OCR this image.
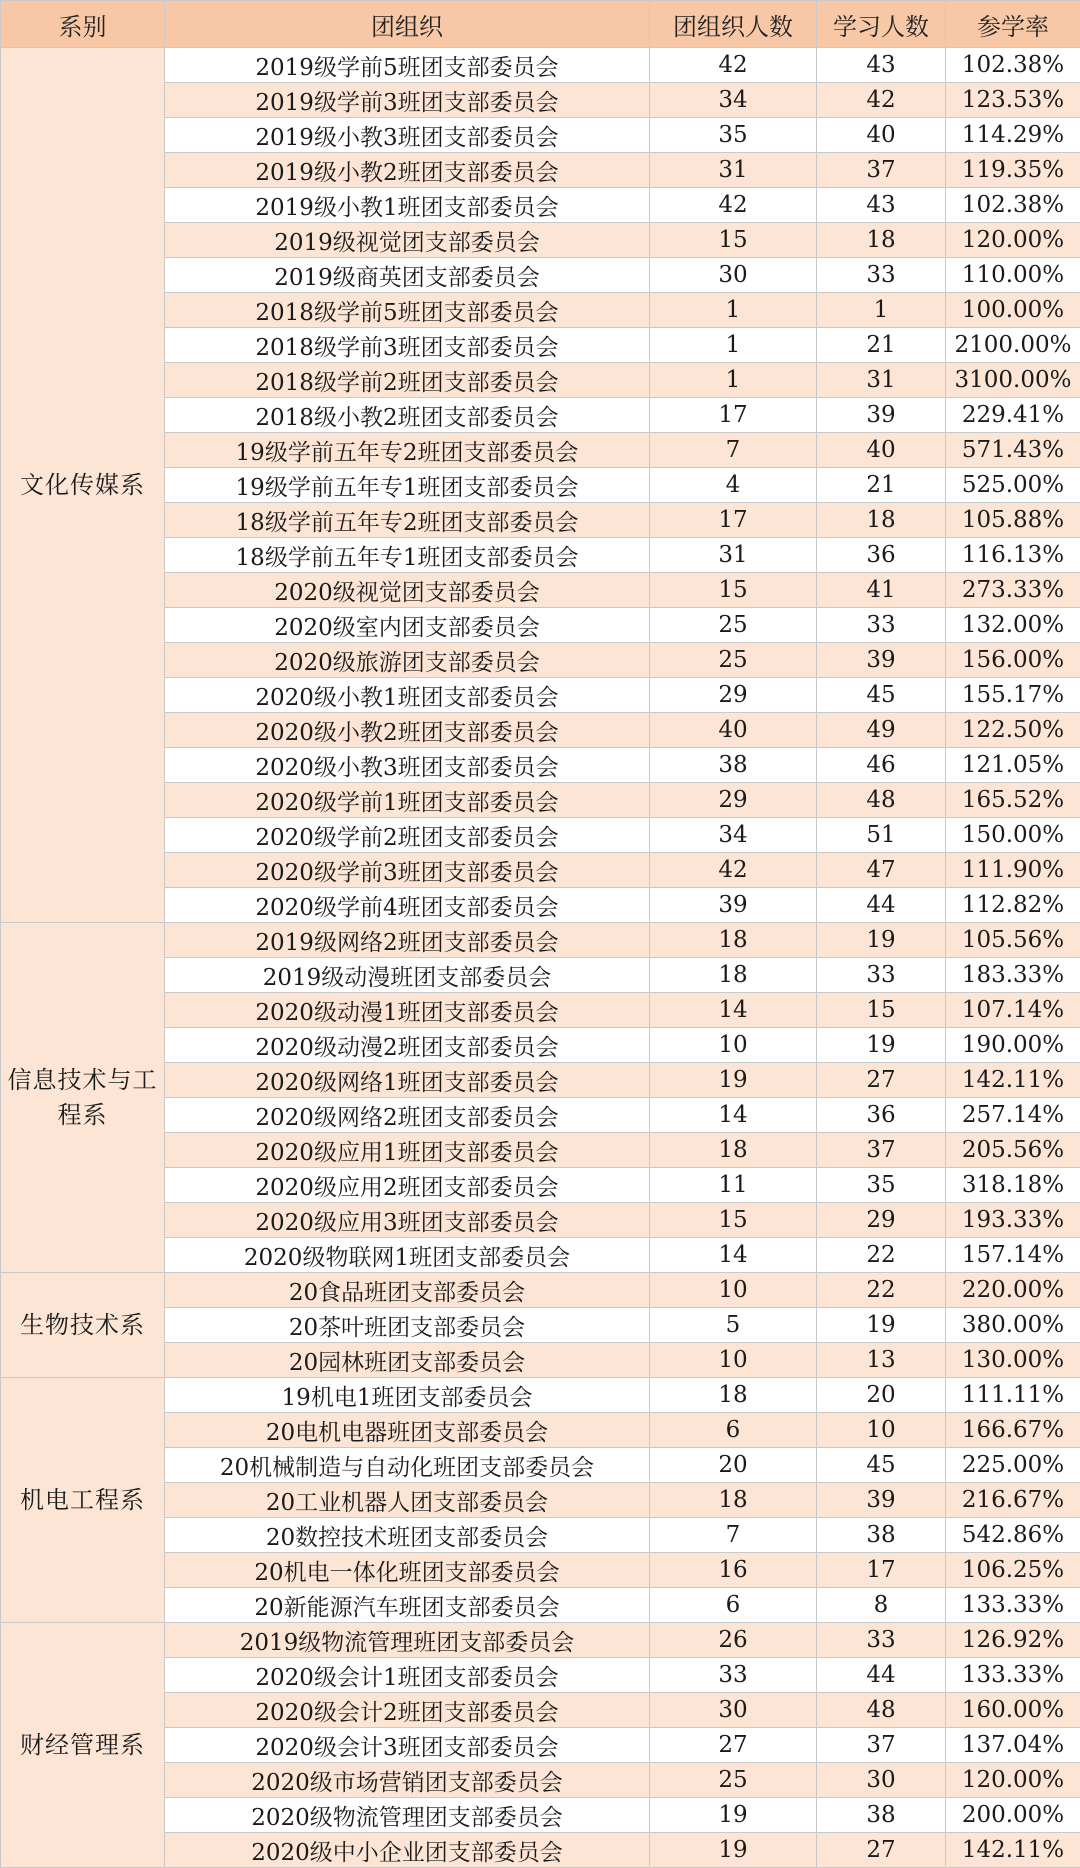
系别	团组织	团组织人数	学习人数	参学率
文化传媒系	2019级学前5班团支部委员会	42	43	102.38%
	2019级学前3班团支部委员会	34	42	123.53%
	2019级小教3班团支部委员会	35	40	114.29%
	2019级小教2班团支部委员会	31	37	119.35%
	2019级小教1班团支部委员会	42	43	102.38%
	2019级视觉团支部委员会	15	18	120.00%
	2019级商英团支部委员会	30	33	110.00%
	2018级学前5班团支部委员会	1	1	100.00%
	2018级学前3班团支部委员会	1	21	2100.00%
	2018级学前2班团支部委员会	1	31	3100.00%
	2018级小教2班团支部委员会	17	39	229.41%
	19级学前五年专2班团支部委员会	7	40	571.43%
	19级学前五年专1班团支部委员会	4	21	525.00%
	18级学前五年专2班团支部委员会	17	18	105.88%
	18级学前五年专1班团支部委员会	31	36	116.13%
	2020级视觉团支部委员会	15	41	273.33%
	2020级室内团支部委员会	25	33	132.00%
	2020级旅游团支部委员会	25	39	156.00%
	2020级小教1班团支部委员会	29	45	155.17%
	2020级小教2班团支部委员会	40	49	122.50%
	2020级小教3班团支部委员会	38	46	121.05%
	2020级学前1班团支部委员会	29	48	165.52%
	2020级学前2班团支部委员会	34	51	150.00%
	2020级学前3班团支部委员会	42	47	111.90%
	2020级学前4班团支部委员会	39	44	112.82%
信息技术与工程系	2019级网络2班团支部委员会	18	19	105.56%
	2019级动漫班团支部委员会	18	33	183.33%
	2020级动漫1班团支部委员会	14	15	107.14%
	2020级动漫2班团支部委员会	10	19	190.00%
	2020级网络1班团支部委员会	19	27	142.11%
	2020级网络2班团支部委员会	14	36	257.14%
	2020级应用1班团支部委员会	18	37	205.56%
	2020级应用2班团支部委员会	11	35	318.18%
	2020级应用3班团支部委员会	15	29	193.33%
	2020级物联网1班团支部委员会	14	22	157.14%
生物技术系	20食品班团支部委员会	10	22	220.00%
	20茶叶班团支部委员会	5	19	380.00%
	20园林班团支部委员会	10	13	130.00%
机电工程系	19机电1班团支部委员会	18	20	111.11%
	20电机电器班团支部委员会	6	10	166.67%
	20机械制造与自动化班团支部委员会	20	45	225.00%
	20工业机器人团支部委员会	18	39	216.67%
	20数控技术班团支部委员会	7	38	542.86%
	20机电一体化班团支部委员会	16	17	106.25%
	20新能源汽车班团支部委员会	6	8	133.33%
财经管理系	2019级物流管理班团支部委员会	26	33	126.92%
	2020级会计1班团支部委员会	33	44	133.33%
	2020级会计2班团支部委员会	30	48	160.00%
	2020级会计3班团支部委员会	27	37	137.04%
	2020级市场营销团支部委员会	25	30	120.00%
	2020级物流管理团支部委员会	19	38	200.00%
	2020级中小企业团支部委员会	19	27	142.11%
